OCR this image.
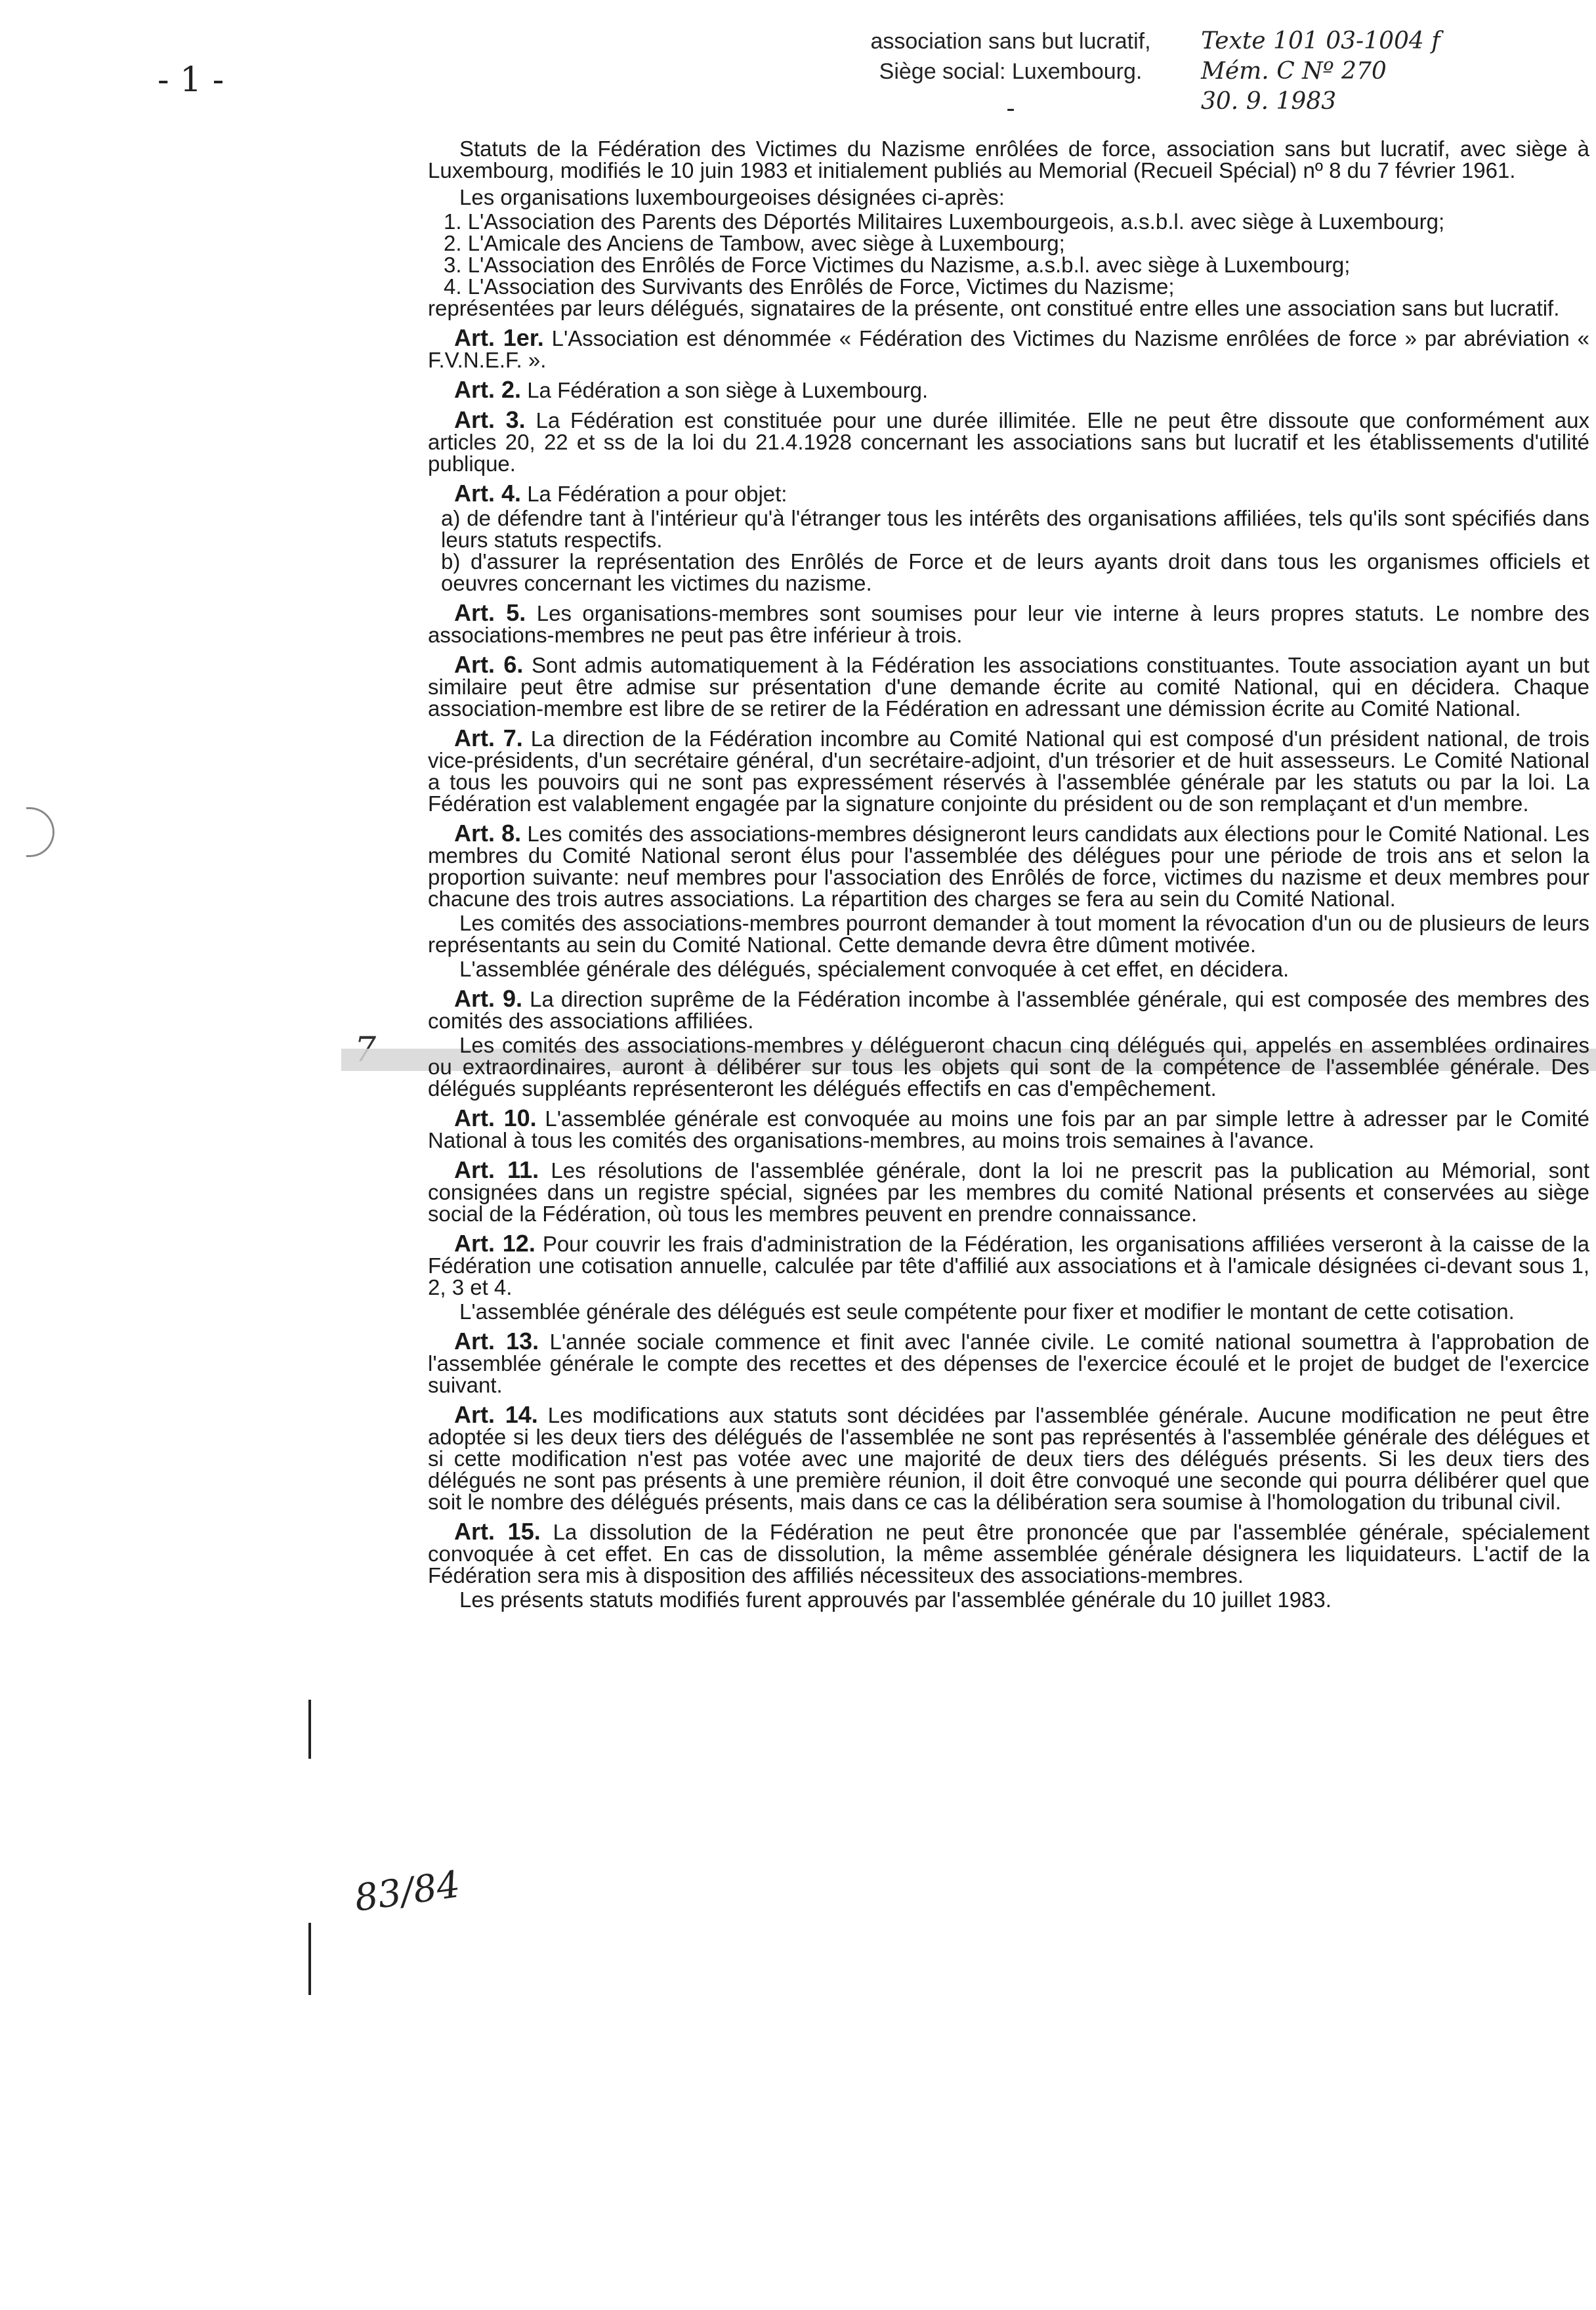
- 1 -
association sans but lucratif,
Siège social: Luxembourg.
-
Texte 101 03-1004 f
Mém. C Nº 270
30. 9. 1983
83/84

Statuts de la Fédération des Victimes du Nazisme enrôlées de force, association sans but lucratif, avec siège à Luxembourg, modifiés le 10 juin 1983 et initialement publiés au Memorial (Recueil Spécial) nº 8 du 7 février 1961.

Les organisations luxembourgeoises désignées ci-après:

1. L'Association des Parents des Déportés Militaires Luxembourgeois, a.s.b.l. avec siège à Luxembourg;
2. L'Amicale des Anciens de Tambow, avec siège à Luxembourg;
3. L'Association des Enrôlés de Force Victimes du Nazisme, a.s.b.l. avec siège à Luxembourg;
4. L'Association des Survivants des Enrôlés de Force, Victimes du Nazisme;

représentées par leurs délégués, signataires de la présente, ont constitué entre elles une association sans but lucratif.

Art. 1er. L'Association est dénommée « Fédération des Victimes du Nazisme enrôlées de force » par abréviation « F.V.N.E.F. ».

Art. 2. La Fédération a son siège à Luxembourg.

Art. 3. La Fédération est constituée pour une durée illimitée. Elle ne peut être dissoute que conformément aux articles 20, 22 et ss de la loi du 21.4.1928 concernant les associations sans but lucratif et les établissements d'utilité publique.

Art. 4. La Fédération a pour objet:

a) de défendre tant à l'intérieur qu'à l'étranger tous les intérêts des organisations affiliées, tels qu'ils sont spécifiés dans leurs statuts respectifs.

b) d'assurer la représentation des Enrôlés de Force et de leurs ayants droit dans tous les organismes officiels et oeuvres concernant les victimes du nazisme.

Art. 5. Les organisations-membres sont soumises pour leur vie interne à leurs propres statuts. Le nombre des associations-membres ne peut pas être inférieur à trois.

Art. 6. Sont admis automatiquement à la Fédération les associations constituantes. Toute association ayant un but similaire peut être admise sur présentation d'une demande écrite au comité National, qui en décidera. Chaque association-membre est libre de se retirer de la Fédération en adressant une démission écrite au Comité National.

Art. 7. La direction de la Fédération incombre au Comité National qui est composé d'un président national, de trois vice-présidents, d'un secrétaire général, d'un secrétaire-adjoint, d'un trésorier et de huit assesseurs. Le Comité National a tous les pouvoirs qui ne sont pas expressément réservés à l'assemblée générale par les statuts ou par la loi. La Fédération est valablement engagée par la signature conjointe du président ou de son remplaçant et d'un membre.

Art. 8. Les comités des associations-membres désigneront leurs candidats aux élections pour le Comité National. Les membres du Comité National seront élus pour l'assemblée des délégues pour une période de trois ans et selon la proportion suivante: neuf membres pour l'association des Enrôlés de force, victimes du nazisme et deux membres pour chacune des trois autres associations. La répartition des charges se fera au sein du Comité National.

Les comités des associations-membres pourront demander à tout moment la révocation d'un ou de plusieurs de leurs représentants au sein du Comité National. Cette demande devra être dûment motivée.

L'assemblée générale des délégués, spécialement convoquée à cet effet, en décidera.

Art. 9. La direction suprême de la Fédération incombe à l'assemblée générale, qui est composée des membres des comités des associations affiliées.

Les comités des associations-membres y délégueront chacun cinq délégués qui, appelés en assemblées ordinaires ou extraordinaires, auront à délibérer sur tous les objets qui sont de la compétence de l'assemblée générale. Des délégués suppléants représenteront les délégués effectifs en cas d'empêchement.

Art. 10. L'assemblée générale est convoquée au moins une fois par an par simple lettre à adresser par le Comité National à tous les comités des organisations-membres, au moins trois semaines à l'avance.

Art. 11. Les résolutions de l'assemblée générale, dont la loi ne prescrit pas la publication au Mémorial, sont consignées dans un registre spécial, signées par les membres du comité National présents et conservées au siège social de la Fédération, où tous les membres peuvent en prendre connaissance.

Art. 12. Pour couvrir les frais d'administration de la Fédération, les organisations affiliées verseront à la caisse de la Fédération une cotisation annuelle, calculée par tête d'affilié aux associations et à l'amicale désignées ci-devant sous 1, 2, 3 et 4.

L'assemblée générale des délégués est seule compétente pour fixer et modifier le montant de cette cotisation.

Art. 13. L'année sociale commence et finit avec l'année civile. Le comité national soumettra à l'approbation de l'assemblée générale le compte des recettes et des dépenses de l'exercice écoulé et le projet de budget de l'exercice suivant.

Art. 14. Les modifications aux statuts sont décidées par l'assemblée générale. Aucune modification ne peut être adoptée si les deux tiers des délégués de l'assemblée ne sont pas représentés à l'assemblée générale des délégues et si cette modification n'est pas votée avec une majorité de deux tiers des délégués présents. Si les deux tiers des délégués ne sont pas présents à une première réunion, il doit être convoqué une seconde qui pourra délibérer quel que soit le nombre des délégués présents, mais dans ce cas la délibération sera soumise à l'homologation du tribunal civil.

Art. 15. La dissolution de la Fédération ne peut être prononcée que par l'assemblée générale, spécialement convoquée à cet effet. En cas de dissolution, la même assemblée générale désignera les liquidateurs. L'actif de la Fédération sera mis à disposition des affiliés nécessiteux des associations-membres.

Les présents statuts modifiés furent approuvés par l'assemblée générale du 10 juillet 1983.
